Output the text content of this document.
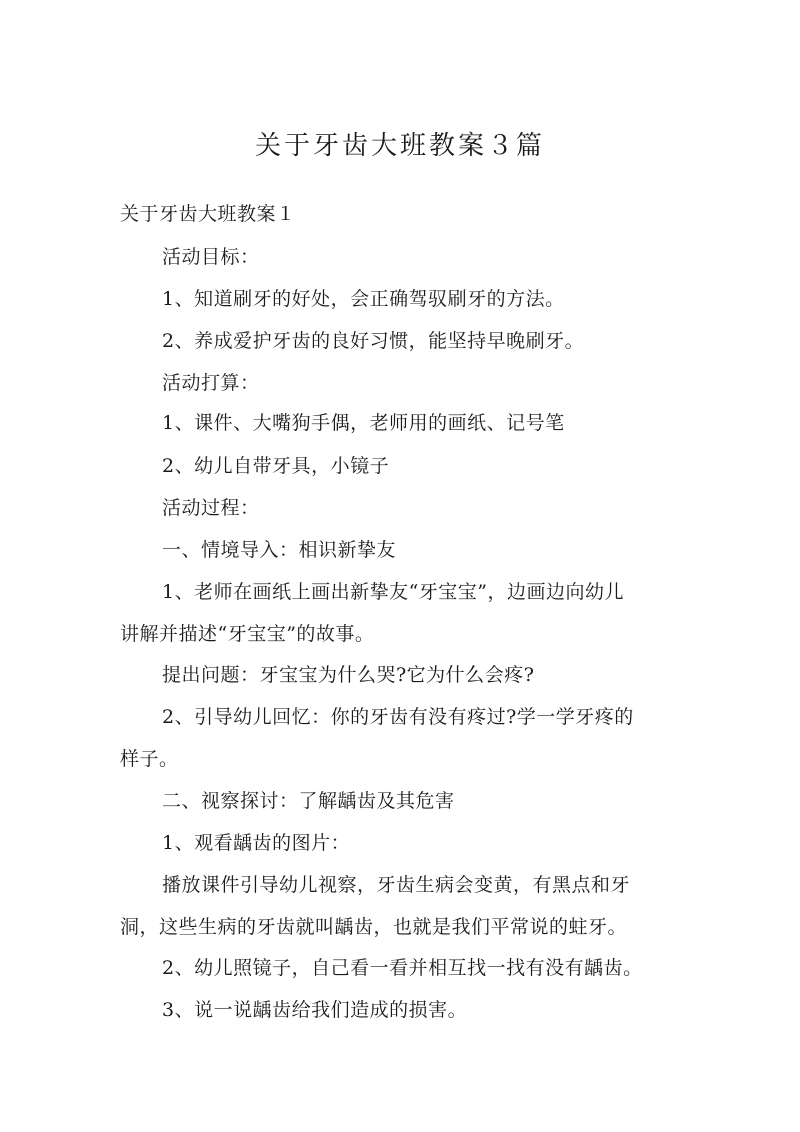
关于牙齿大班教案３篇

关于牙齿大班教案１

活动目标：

1、知道刷牙的好处，会正确驾驭刷牙的方法。

2、养成爱护牙齿的良好习惯，能坚持早晚刷牙。

活动打算：

1、课件、大嘴狗手偶，老师用的画纸、记号笔

2、幼儿自带牙具，小镜子

活动过程：

一、情境导入：相识新挚友

1、老师在画纸上画出新挚友“牙宝宝”，边画边向幼儿

讲解并描述“牙宝宝”的故事。

提出问题：牙宝宝为什么哭?它为什么会疼?

2、引导幼儿回忆：你的牙齿有没有疼过?学一学牙疼的

样子。

二、视察探讨：了解龋齿及其危害

1、观看龋齿的图片：

播放课件引导幼儿视察，牙齿生病会变黄，有黑点和牙

洞，这些生病的牙齿就叫龋齿，也就是我们平常说的蛀牙。

2、幼儿照镜子，自己看一看并相互找一找有没有龋齿。

3、说一说龋齿给我们造成的损害。
